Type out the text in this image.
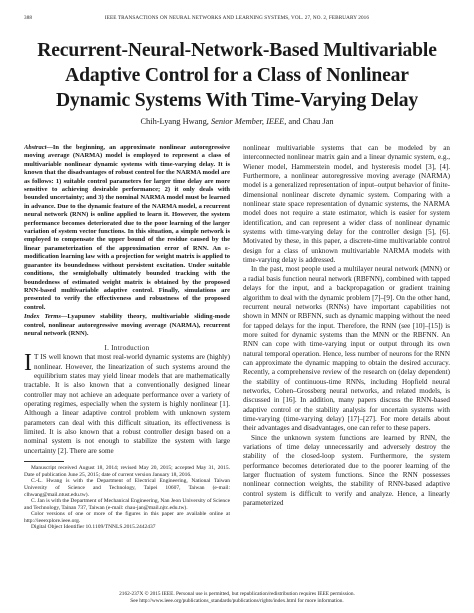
388	IEEE TRANSACTIONS ON NEURAL NETWORKS AND LEARNING SYSTEMS, VOL. 27, NO. 2, FEBRUARY 2016
Recurrent-Neural-Network-Based Multivariable
Adaptive Control for a Class of Nonlinear
Dynamic Systems With Time-Varying Delay
Chih-Lyang Hwang, Senior Member, IEEE, and Chau Jan
Abstract—In the beginning, an approximate nonlinear autoregressive moving average (NARMA) model is employed to represent a class of multivariable nonlinear dynamic systems with time-varying delay. It is known that the disadvantages of robust control for the NARMA model are as follows: 1) suitable control parameters for larger time delay are more sensitive to achieving desirable performance; 2) it only deals with bounded uncertainty; and 3) the nominal NARMA model must be learned in advance. Due to the dynamic feature of the NARMA model, a recurrent neural network (RNN) is online applied to learn it. However, the system performance becomes deteriorated due to the poor learning of the larger variation of system vector functions. In this situation, a simple network is employed to compensate the upper bound of the residue caused by the linear parameterization of the approximation error of RNN. An ε-modification learning law with a projection for weight matrix is applied to guarantee its boundedness without persistent excitation. Under suitable conditions, the semiglobally ultimately bounded tracking with the boundedness of estimated weight matrix is obtained by the proposed RNN-based multivariable adaptive control. Finally, simulations are presented to verify the effectiveness and robustness of the proposed control.
Index Terms—Lyapunov stability theory, multivariable sliding-mode control, nonlinear autoregressive moving average (NARMA), recurrent neural network (RNN).
I. Introduction
I T IS well known that most real-world dynamic systems are (highly) nonlinear. However, the linearization of such systems around the equilibrium states may yield linear models that are mathematically tractable. It is also known that a conventionally designed linear controller may not achieve an adequate performance over a variety of operating regimes, especially when the system is highly nonlinear [1]. Although a linear adaptive control problem with unknown system parameters can deal with this difficult situation, its effectiveness is limited. It is also known that a robust controller design based on a nominal system is not enough to stabilize the system with large uncertainty [2]. There are some

Manuscript received August 18, 2014; revised May 20, 2015; accepted May 31, 2015. Date of publication June 25, 2015; date of current version January 18, 2016.

C.-L. Hwang is with the Department of Electrical Engineering, National Taiwan University of Science and Technology, Taipei 10607, Taiwan (e-mail: clhwang@mail.ntust.edu.tw).

C. Jan is with the Department of Mechanical Engineering, Nan Jeon University of Science and Technology, Tainan 737, Taiwan (e-mail: chau-jan@mail.njtc.edu.tw).

Color versions of one or more of the figures in this paper are available online at http://ieeexplore.ieee.org.

Digital Object Identifier 10.1109/TNNLS.2015.2442437

nonlinear multivariable systems that can be modeled by an interconnected nonlinear matrix gain and a linear dynamic system, e.g., Wiener model, Hammerstein model, and hysteresis model [3], [4]. Furthermore, a nonlinear autoregressive moving average (NARMA) model is a generalized representation of input–output behavior of finite-dimensional nonlinear discrete dynamic system. Comparing with a nonlinear state space representation of dynamic systems, the NARMA model does not require a state estimator, which is easier for system identification, and can represent a wider class of nonlinear dynamic systems with time-varying delay for the controller design [5], [6]. Motivated by these, in this paper, a discrete-time multivariable control design for a class of unknown multivariable NARMA models with time-varying delay is addressed.

In the past, most people used a multilayer neural network (MNN) or a radial basis function neural network (RBFNN), combined with tapped delays for the input, and a backpropagation or gradient training algorithm to deal with the dynamic problem [7]–[9]. On the other hand, recurrent neural networks (RNNs) have important capabilities not shown in MNN or RBFNN, such as dynamic mapping without the need for tapped delays for the input. Therefore, the RNN (see [10]–[15]) is more suited for dynamic systems than the MNN or the RBFNN. An RNN can cope with time-varying input or output through its own natural temporal operation. Hence, less number of neurons for the RNN can approximate the dynamic mapping to obtain the desired accuracy. Recently, a comprehensive review of the research on (delay dependent) the stability of continuous-time RNNs, including Hopfield neural networks, Cohen–Grossberg neural networks, and related models, is discussed in [16]. In addition, many papers discuss the RNN-based adaptive control or the stability analysis for uncertain systems with time-varying (time-varying delay) [17]–[27]. For more details about their advantages and disadvantages, one can refer to these papers.

Since the unknown system functions are learned by RNN, the variations of time delay unnecessarily and adversely destroy the stability of the closed-loop system. Furthermore, the system performance becomes deteriorated due to the poorer learning of the larger fluctuation of system functions. Since the RNN possesses nonlinear connection weights, the stability of RNN-based adaptive control system is difficult to verify and analyze. Hence, a linearly parameterized

2162-237X © 2015 IEEE. Personal use is permitted, but republication/redistribution requires IEEE permission.
See http://www.ieee.org/publications_standards/publications/rights/index.html for more information.
